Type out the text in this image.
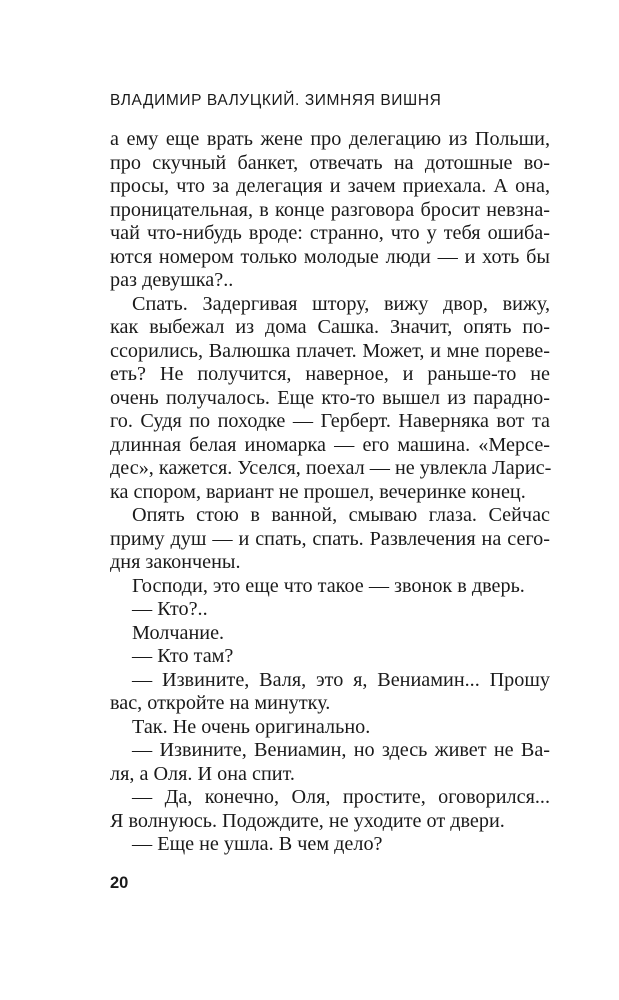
ВЛАДИМИР ВАЛУЦКИЙ. ЗИМНЯЯ ВИШНЯ
а ему еще врать жене про делегацию из Польши,
про скучный банкет, отвечать на дотошные во-
просы, что за делегация и зачем приехала. А она,
проницательная, в конце разговора бросит невзна-
чай что-нибудь вроде: странно, что у тебя ошиба-
ются номером только молодые люди — и хоть бы
раз девушка?..
Спать. Задергивая штору, вижу двор, вижу,
как выбежал из дома Сашка. Значит, опять по-
ссорились, Валюшка плачет. Может, и мне пореве-
еть? Не получится, наверное, и раньше-то не
очень получалось. Еще кто-то вышел из парадно-
го. Судя по походке — Герберт. Наверняка вот та
длинная белая иномарка — его машина. «Мерсе-
дес», кажется. Уселся, поехал — не увлекла Ларис-
ка спором, вариант не прошел, вечеринке конец.
Опять стою в ванной, смываю глаза. Сейчас
приму душ — и спать, спать. Развлечения на сего-
дня закончены.
Господи, это еще что такое — звонок в дверь.
— Кто?..
Молчание.
— Кто там?
— Извините, Валя, это я, Вениамин... Прошу
вас, откройте на минутку.
Так. Не очень оригинально.
— Извините, Вениамин, но здесь живет не Ва-
ля, а Оля. И она спит.
— Да, конечно, Оля, простите, оговорился...
Я волнуюсь. Подождите, не уходите от двери.
— Еще не ушла. В чем дело?
20
